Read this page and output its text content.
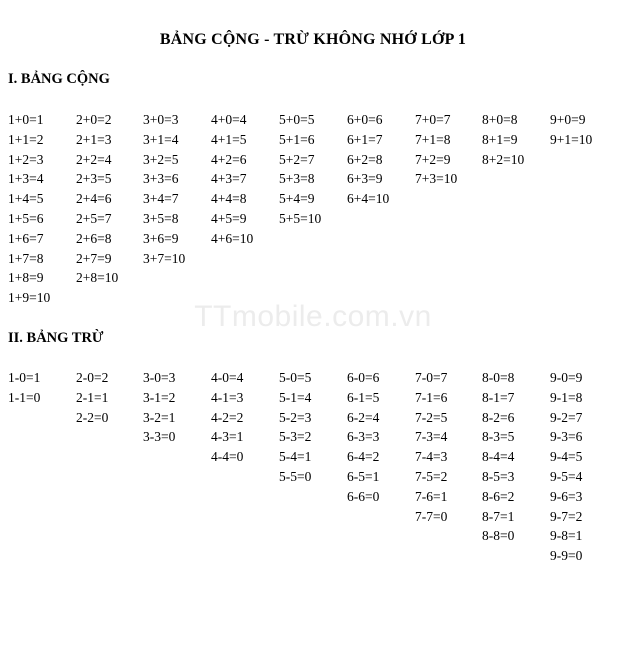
TTmobile.com.vn
BẢNG CỘNG - TRỪ KHÔNG NHỚ LỚP 1
I. BẢNG CỘNG
1+0=1
1+1=2
1+2=3
1+3=4
1+4=5
1+5=6
1+6=7
1+7=8
1+8=9
1+9=10
2+0=2
2+1=3
2+2=4
2+3=5
2+4=6
2+5=7
2+6=8
2+7=9
2+8=10
3+0=3
3+1=4
3+2=5
3+3=6
3+4=7
3+5=8
3+6=9
3+7=10
4+0=4
4+1=5
4+2=6
4+3=7
4+4=8
4+5=9
4+6=10
5+0=5
5+1=6
5+2=7
5+3=8
5+4=9
5+5=10
6+0=6
6+1=7
6+2=8
6+3=9
6+4=10
7+0=7
7+1=8
7+2=9
7+3=10
8+0=8
8+1=9
8+2=10
9+0=9
9+1=10
II. BẢNG TRỪ
1-0=1
1-1=0
2-0=2
2-1=1
2-2=0
3-0=3
3-1=2
3-2=1
3-3=0
4-0=4
4-1=3
4-2=2
4-3=1
4-4=0
5-0=5
5-1=4
5-2=3
5-3=2
5-4=1
5-5=0
6-0=6
6-1=5
6-2=4
6-3=3
6-4=2
6-5=1
6-6=0
7-0=7
7-1=6
7-2=5
7-3=4
7-4=3
7-5=2
7-6=1
7-7=0
8-0=8
8-1=7
8-2=6
8-3=5
8-4=4
8-5=3
8-6=2
8-7=1
8-8=0
9-0=9
9-1=8
9-2=7
9-3=6
9-4=5
9-5=4
9-6=3
9-7=2
9-8=1
9-9=0
